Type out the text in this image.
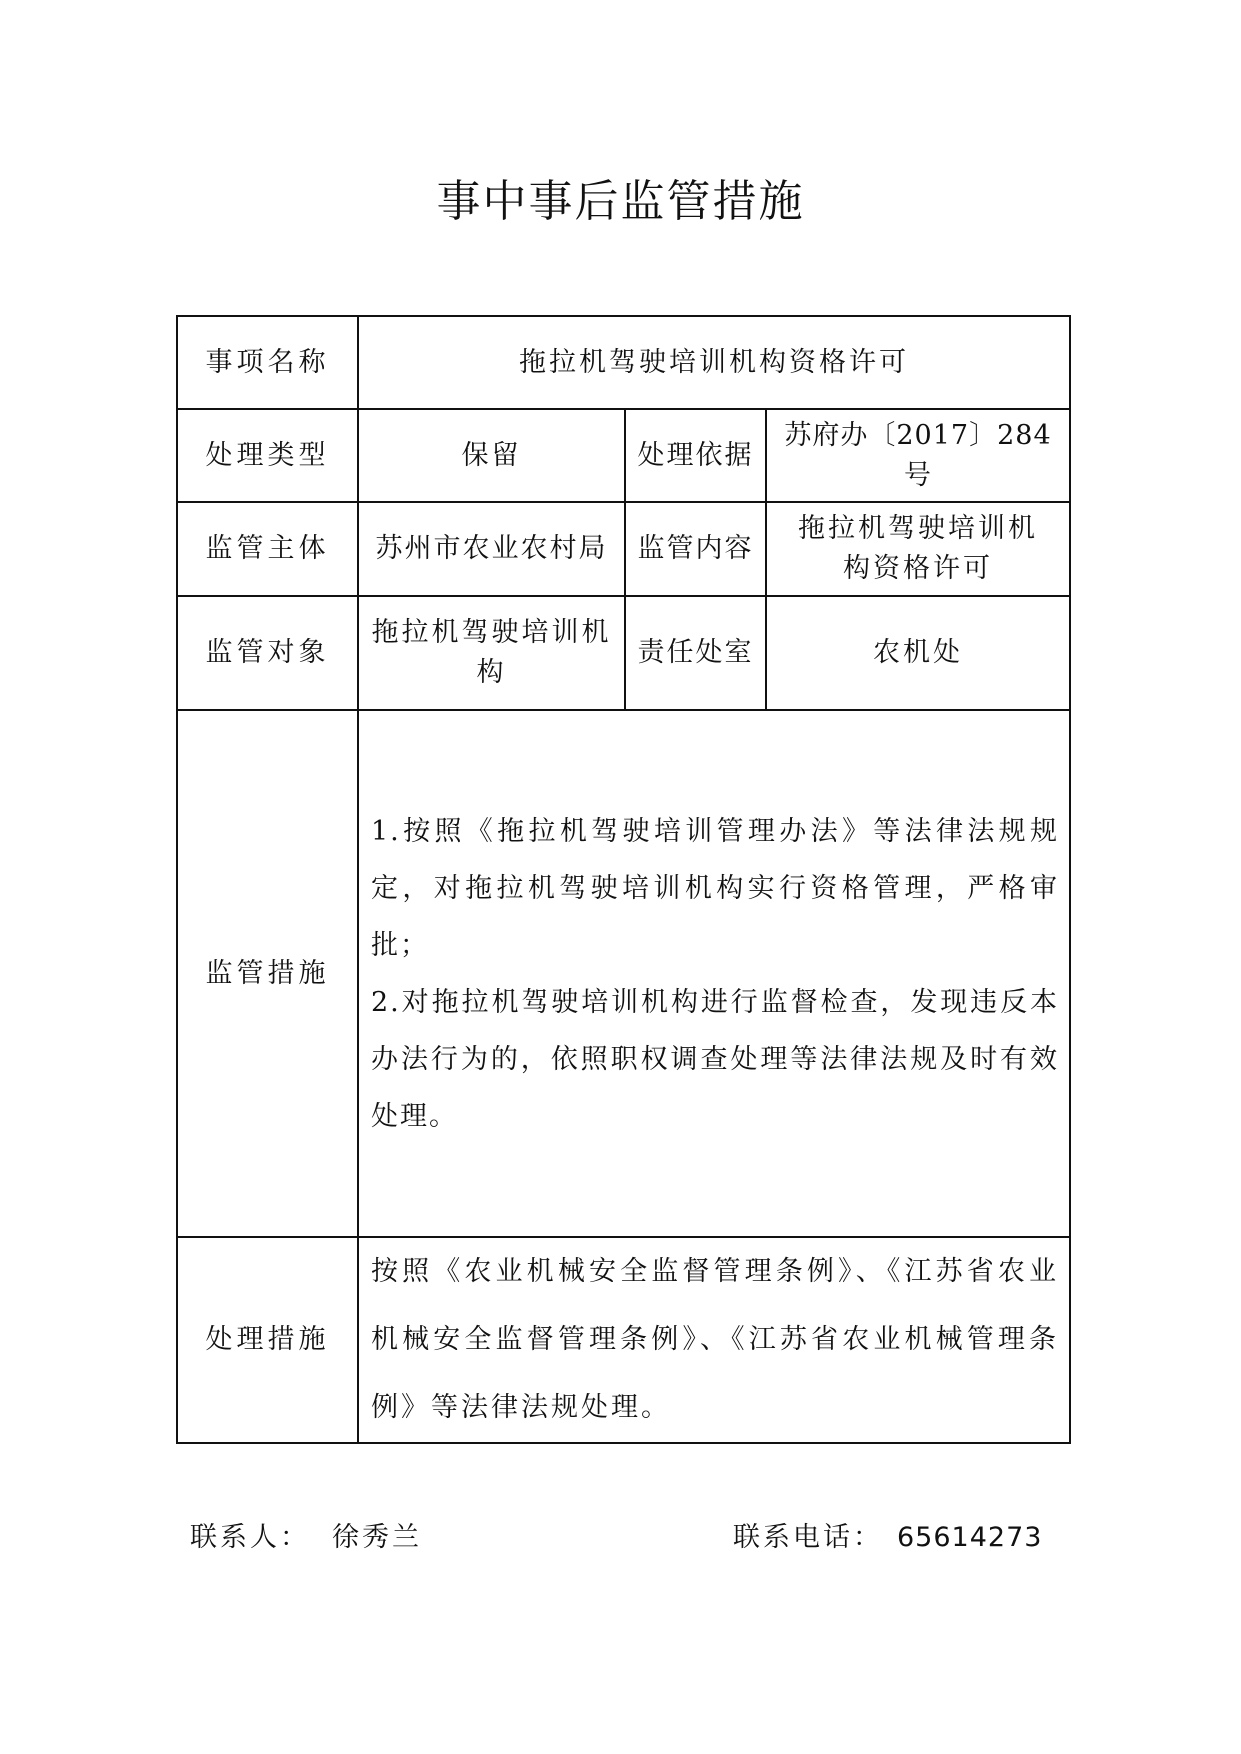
事中事后监管措施
事项名称	拖拉机驾驶培训机构资格许可		

处理类型	保留	处理依据	苏府办〔2017〕284号

监管主体	苏州市农业农村局	监管内容	拖拉机驾驶培训机构资格许可

监管对象	拖拉机驾驶培训机构	责任处室	农机处

监管措施	1.按照《拖拉机驾驶培训管理办法》等法律法规规定，对拖拉机驾驶培训机构实行资格管理，严格审批；
2.对拖拉机驾驶培训机构进行监督检查，发现违反本办法行为的，依照职权调查处理等法律法规及时有效处理。		

处理措施	按照《农业机械安全监督管理条例》、《江苏省农业机械安全监督管理条例》、《江苏省农业机械管理条例》等法律法规处理。		
联系人： 徐秀兰	联系电话： 65614273
